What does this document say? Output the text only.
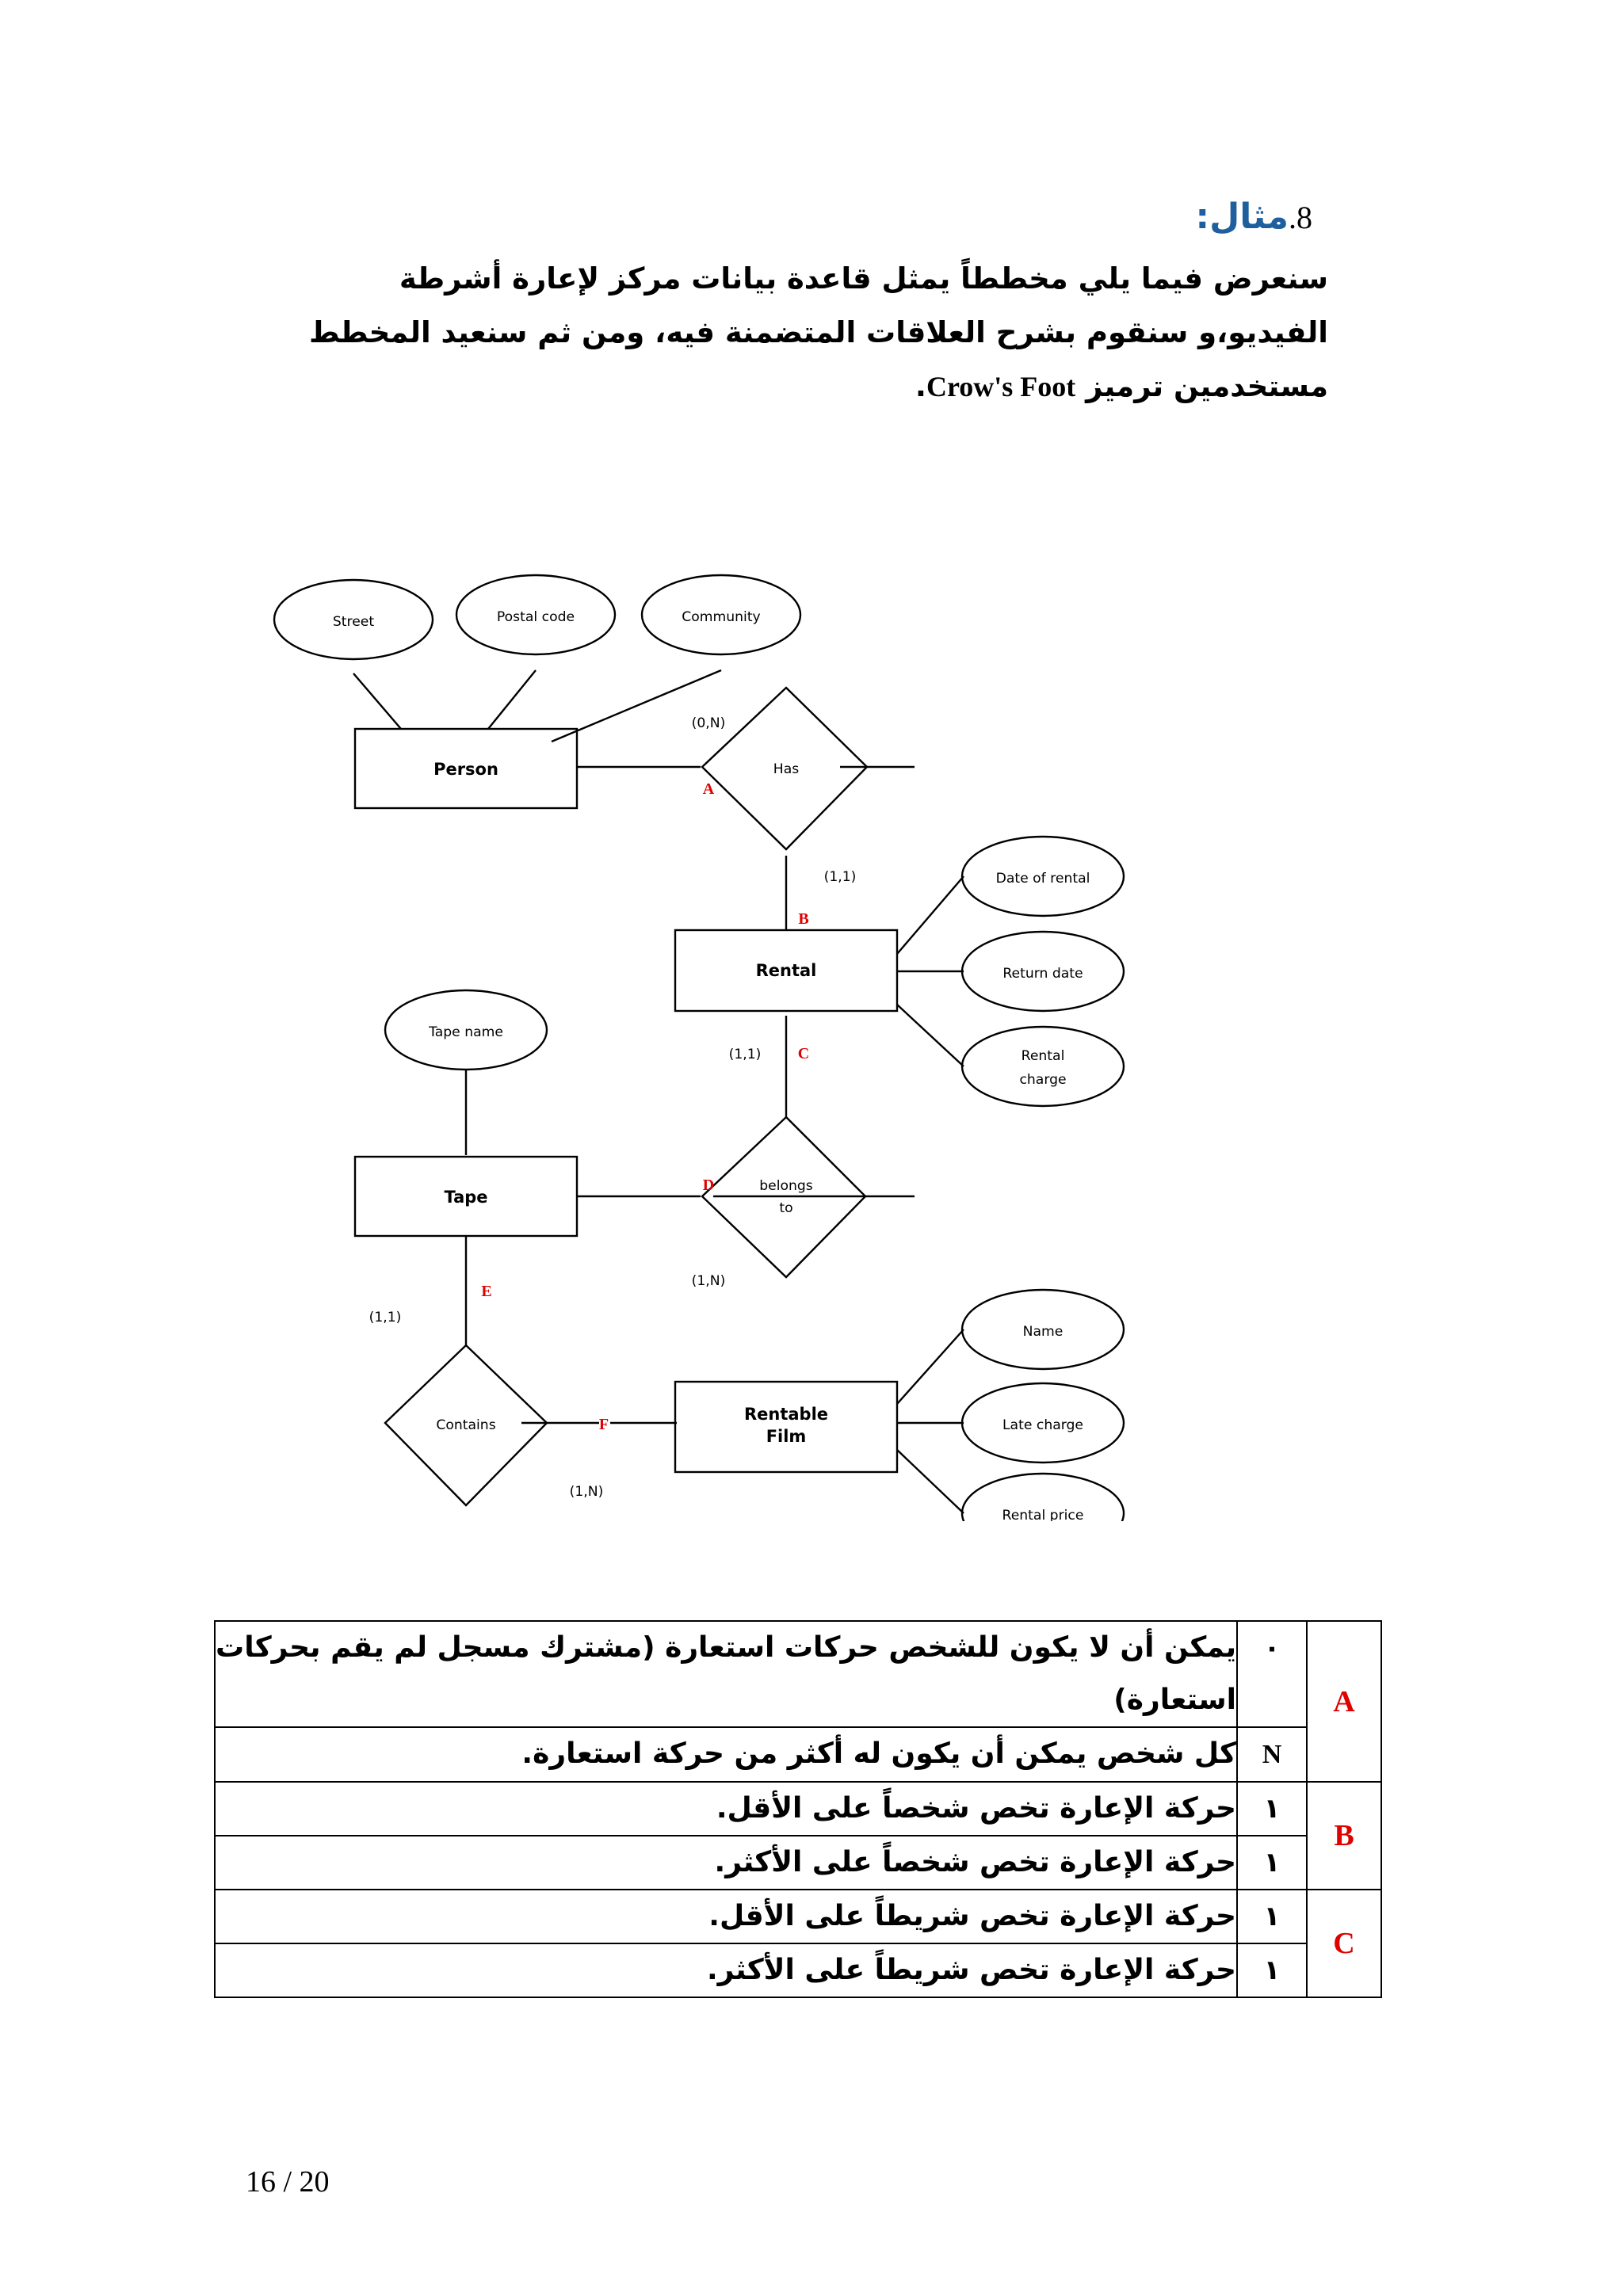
8.مثال:
سنعرض فيما يلي مخططاً يمثل قاعدة بيانات مركز لإعارة أشرطة الفيديو،و سنقوم بشرح العلاقات المتضمنة فيه، ومن ثم سنعيد المخطط مستخدمين ترميز Crow's Foot.
Street	Postal code	Community
Date of rental
Return date
Rental
charge
Tape name
Name
Late charge
Rental price
Has
belongs
to
Contains
(0,N)
(1,1)
(1,1)
(1,N)
(1,1)
(1,N)
Person
Rental
Tape
Rentable
Film
A
B
C
D
E
F
A	٠	يمكن أن لا يكون للشخص حركات استعارة (مشترك مسجل لم يقم بحركات استعارة)
	N	كل شخص يمكن أن يكون له أكثر من حركة استعارة.
B	١	حركة الإعارة تخص شخصاً على الأقل.
	١	حركة الإعارة تخص شخصاً على الأكثر.
C	١	حركة الإعارة تخص شريطاً على الأقل.
	١	حركة الإعارة تخص شريطاً على الأكثر.
16 / 20
